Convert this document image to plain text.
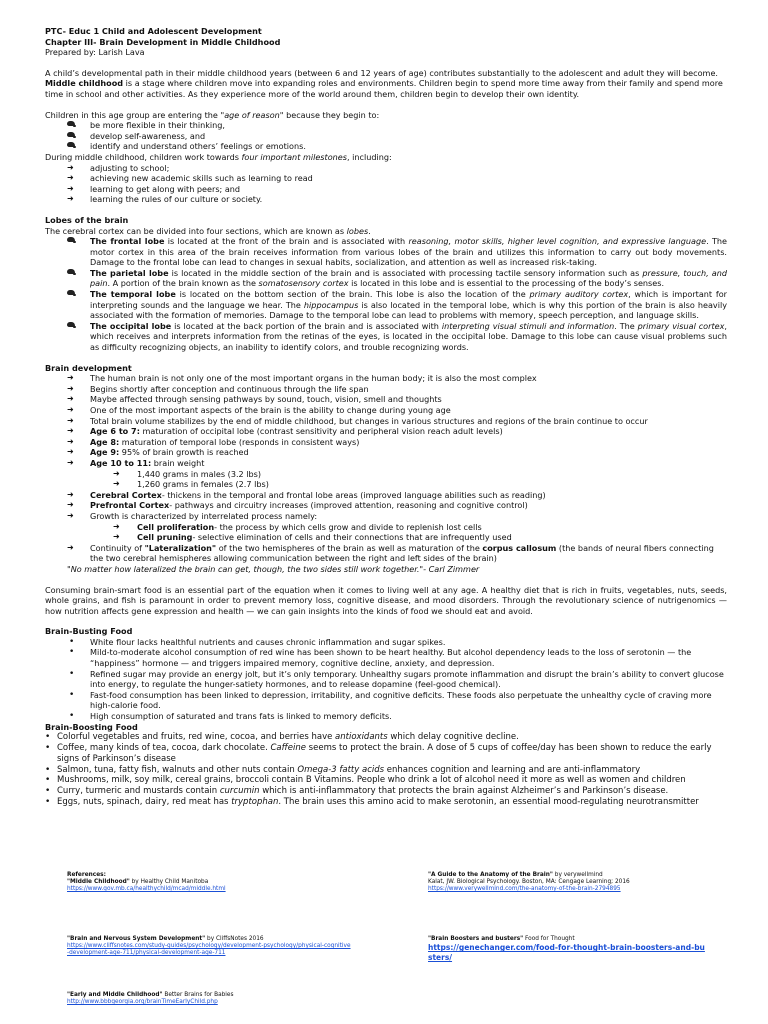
PTC- Educ 1 Child and Adolescent Development

Chapter III- Brain Development in Middle Childhood

Prepared by: Larish Lava

A child’s developmental path in their middle childhood years (between 6 and 12 years of age) contributes substantially to the adolescent and adult they will become.

Middle childhood is a stage where children move into expanding roles and environments. Children begin to spend more time away from their family and spend more time in school and other activities. As they experience more of the world around them, children begin to develop their own identity.

Children in this age group are entering the "age of reason" because they begin to:

be more flexible in their thinking,
develop self-awareness, and
identify and understand others’ feelings or emotions.

During middle childhood, children work towards four important milestones, including:

➜ adjusting to school;
➜ achieving new academic skills such as learning to read
➜ learning to get along with peers; and
➜ learning the rules of our culture or society.

Lobes of the brain

The cerebral cortex can be divided into four sections, which are known as lobes.

The frontal lobe is located at the front of the brain and is associated with reasoning, motor skills, higher level cognition, and expressive language. The motor cortex in this area of the brain receives information from various lobes of the brain and utilizes this information to carry out body movements. Damage to the frontal lobe can lead to changes in sexual habits, socialization, and attention as well as increased risk-taking.
The parietal lobe is located in the middle section of the brain and is associated with processing tactile sensory information such as pressure, touch, and pain. A portion of the brain known as the somatosensory cortex is located in this lobe and is essential to the processing of the body’s senses.
The temporal lobe is located on the bottom section of the brain. This lobe is also the location of the primary auditory cortex, which is important for interpreting sounds and the language we hear. The hippocampus is also located in the temporal lobe, which is why this portion of the brain is also heavily associated with the formation of memories. Damage to the temporal lobe can lead to problems with memory, speech perception, and language skills.
The occipital lobe is located at the back portion of the brain and is associated with interpreting visual stimuli and information. The primary visual cortex, which receives and interprets information from the retinas of the eyes, is located in the occipital lobe. Damage to this lobe can cause visual problems such as difficulty recognizing objects, an inability to identify colors, and trouble recognizing words.

Brain development

➜ The human brain is not only one of the most important organs in the human body; it is also the most complex
➜ Begins shortly after conception and continuous through the life span
➜ Maybe affected through sensing pathways by sound, touch, vision, smell and thoughts
➜ One of the most important aspects of the brain is the ability to change during young age
➜ Total brain volume stabilizes by the end of middle childhood, but changes in various structures and regions of the brain continue to occur
➜ Age 6 to 7: maturation of occipital lobe (contrast sensitivity and peripheral vision reach adult levels)
➜ Age 8: maturation of temporal lobe (responds in consistent ways)
➜ Age 9: 95% of brain growth is reached
➜ Age 10 to 11: brain weight
➜ 1,440 grams in males (3.2 lbs)
➜ 1,260 grams in females (2.7 lbs)
➜ Cerebral Cortex- thickens in the temporal and frontal lobe areas (improved language abilities such as reading)
➜ Prefrontal Cortex- pathways and circuitry increases (improved attention, reasoning and cognitive control)
➜ Growth is characterized by interrelated process namely:
➜ Cell proliferation- the process by which cells grow and divide to replenish lost cells
➜ Cell pruning- selective elimination of cells and their connections that are infrequently used
➜ Continuity of "Lateralization" of the two hemispheres of the brain as well as maturation of the corpus callosum (the bands of neural fibers connecting the two cerebral hemispheres allowing communication between the right and left sides of the brain)

"No matter how lateralized the brain can get, though, the two sides still work together."- Carl Zimmer

Consuming brain-smart food is an essential part of the equation when it comes to living well at any age. A healthy diet that is rich in fruits, vegetables, nuts, seeds, whole grains, and fish is paramount in order to prevent memory loss, cognitive disease, and mood disorders. Through the revolutionary science of nutrigenomics — how nutrition affects gene expression and health — we can gain insights into the kinds of food we should eat and avoid.

Brain-Busting Food

• White flour lacks healthful nutrients and causes chronic inflammation and sugar spikes.
• Mild-to-moderate alcohol consumption of red wine has been shown to be heart healthy. But alcohol dependency leads to the loss of serotonin — the “happiness” hormone — and triggers impaired memory, cognitive decline, anxiety, and depression.
• Refined sugar may provide an energy jolt, but it’s only temporary. Unhealthy sugars promote inflammation and disrupt the brain’s ability to convert glucose into energy, to regulate the hunger-satiety hormones, and to release dopamine (feel-good chemical).
• Fast-food consumption has been linked to depression, irritability, and cognitive deficits. These foods also perpetuate the unhealthy cycle of craving more high-calorie food.
• High consumption of saturated and trans fats is linked to memory deficits.

Brain-Boosting Food

• Colorful vegetables and fruits, red wine, cocoa, and berries have antioxidants which delay cognitive decline.
• Coffee, many kinds of tea, cocoa, dark chocolate. Caffeine seems to protect the brain. A dose of 5 cups of coffee/day has been shown to reduce the early signs of Parkinson’s disease
• Salmon, tuna, fatty fish, walnuts and other nuts contain Omega-3 fatty acids enhances cognition and learning and are anti-inflammatory
• Mushrooms, milk, soy milk, cereal grains, broccoli contain B Vitamins. People who drink a lot of alcohol need it more as well as women and children
• Curry, turmeric and mustards contain curcumin which is anti-inflammatory that protects the brain against Alzheimer’s and Parkinson’s disease.
• Eggs, nuts, spinach, dairy, red meat has tryptophan. The brain uses this amino acid to make serotonin, an essential mood-regulating neurotransmitter

References:

"Middle Childhood" by Healthy Child Manitoba

https://www.gov.mb.ca/healthychild/mcad/middle.html

"Brain and Nervous System Development" by CliffsNotes 2016

https://www.cliffsnotes.com/study-guides/psychology/development-psychology/physical-cognitive-development-age-711/physical-development-age-711

"Early and Middle Childhood" Better Brains for Babies

http://www.bbbgeorgia.org/brainTimeEarlyChild.php

"A Guide to the Anatomy of the Brain" by verywellmind

Kalat, JW. Biological Psychology. Boston, MA: Cengage Learning; 2016

https://www.verywellmind.com/the-anatomy-of-the-brain-2794895

"Brain Boosters and busters" Food for Thought

https://genechanger.com/food-for-thought-brain-boosters-and-busters/
